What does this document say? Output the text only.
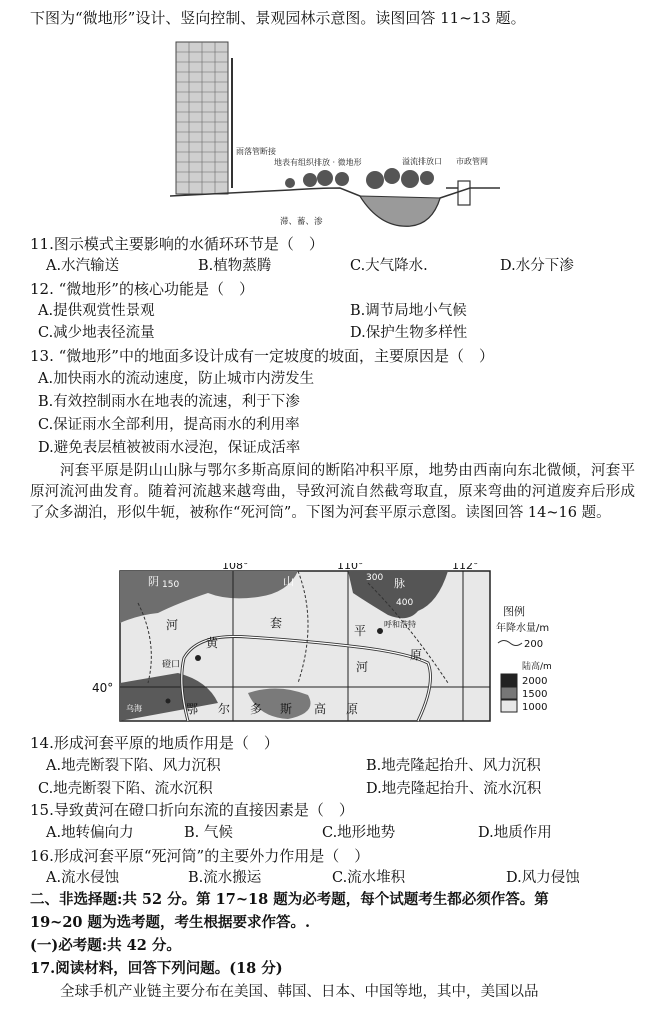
下图为“微地形”设计、竖向控制、景观园林示意图。读图回答 11~13 题。
雨落管断接
地表有组织排放 · 微地形	溢流排放口 市政管网
滞、蓄、渗
11.图示模式主要影响的水循环环节是（　）
A.水汽输送	B.植物蒸腾	C.大气降水.	D.水分下渗
12. “微地形”的核心功能是（　）
A.提供观赏性景观	B.调节局地小气候
C.减少地表径流量	D.保护生物多样性
13. “微地形”中的地面多设计成有一定坡度的坡面，主要原因是（　）
A.加快雨水的流动速度，防止城市内涝发生
B.有效控制雨水在地表的流速，利于下渗
C.保证雨水全部利用，提高雨水的利用率
D.避免表层植被被雨水浸泡，保证成活率
河套平原是阴山山脉与鄂尔多斯高原间的断陷冲积平原，地势由西南向东北微倾，河套平原河流河曲发育。随着河流越来越弯曲，导致河流自然截弯取直，原来弯曲的河道废弃后形成了众多湖泊，形似牛轭，被称作“死河筒”。下图为河套平原示意图。读图回答 14~16 题。
108°	110°	112°
150
300
400
阴	山	脉
河
黄
套
平
河
原
磴口
乌海
呼和浩特
鄂 尔 多 斯 高 原
图例
年降水量/m
200
陆高/m
2000
1500
1000
40°
14.形成河套平原的地质作用是（　）
A.地壳断裂下陷、风力沉积	B.地壳隆起抬升、风力沉积
C.地壳断裂下陷、流水沉积	D.地壳隆起抬升、流水沉积
15.导致黄河在磴口折向东流的直接因素是（　）
A.地转偏向力	B. 气候	C.地形地势	D.地质作用
16.形成河套平原“死河筒”的主要外力作用是（　）
A.流水侵蚀	B.流水搬运	C.流水堆积	D.风力侵蚀
二、非选择题:共 52 分。第 17~18 题为必考题，每个试题考生都必须作答。第
19~20 题为选考题，考生根据要求作答。.
(一)必考题:共 42 分。
17.阅读材料，回答下列问题。(18 分)
全球手机产业链主要分布在美国、韩国、日本、中国等地，其中，美国以品
